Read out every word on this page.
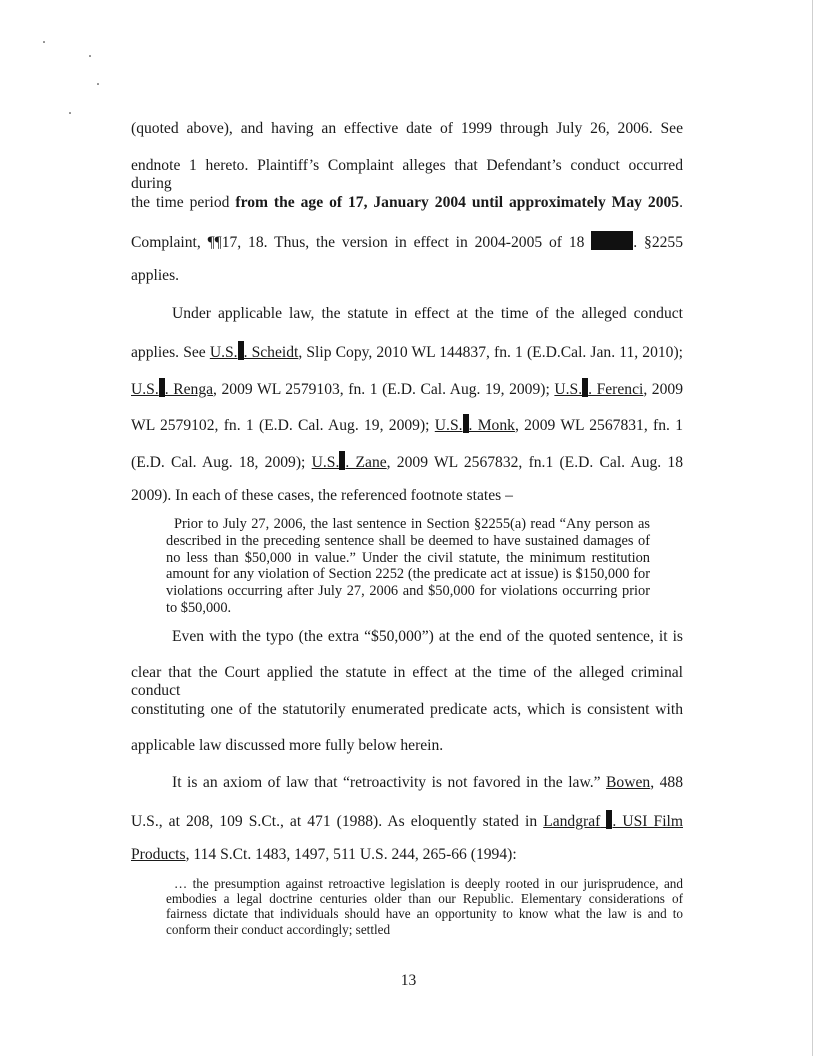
(quoted above), and having an effective date of 1999 through July 26, 2006. See
endnote 1 hereto. Plaintiff’s Complaint alleges that Defendant’s conduct occurred during
the time period from the age of 17, January 2004 until approximately May 2005.
Complaint, ¶¶17, 18. Thus, the version in effect in 2004-2005 of 18	. §2255
applies.
Under applicable law, the statute in effect at the time of the alleged conduct
applies. See U.S. . Scheidt, Slip Copy, 2010 WL 144837, fn. 1 (E.D.Cal. Jan. 11, 2010);
U.S. . Renga, 2009 WL 2579103, fn. 1 (E.D. Cal. Aug. 19, 2009); U.S. . Ferenci, 2009
WL 2579102, fn. 1 (E.D. Cal. Aug. 19, 2009); U.S. . Monk, 2009 WL 2567831, fn. 1
(E.D. Cal. Aug. 18, 2009); U.S. . Zane, 2009 WL 2567832, fn.1 (E.D. Cal. Aug. 18
2009). In each of these cases, the referenced footnote states –

Prior to July 27, 2006, the last sentence in Section §2255(a) read “Any person as described in the preceding sentence shall be deemed to have sustained damages of no less than $50,000 in value.” Under the civil statute, the minimum restitution amount for any violation of Section 2252 (the predicate act at issue) is $150,000 for violations occurring after July 27, 2006 and $50,000 for violations occurring prior to $50,000.

Even with the typo (the extra “$50,000”) at the end of the quoted sentence, it is
clear that the Court applied the statute in effect at the time of the alleged criminal conduct
constituting one of the statutorily enumerated predicate acts, which is consistent with
applicable law discussed more fully below herein.
It is an axiom of law that “retroactivity is not favored in the law.” Bowen, 488
U.S., at 208, 109 S.Ct., at 471 (1988). As eloquently stated in Landgraf . USI Film
Products, 114 S.Ct. 1483, 1497, 511 U.S. 244, 265-66 (1994):

… the presumption against retroactive legislation is deeply rooted in our jurisprudence, and embodies a legal doctrine centuries older than our Republic. Elementary considerations of fairness dictate that individuals should have an opportunity to know what the law is and to conform their conduct accordingly; settled

13
